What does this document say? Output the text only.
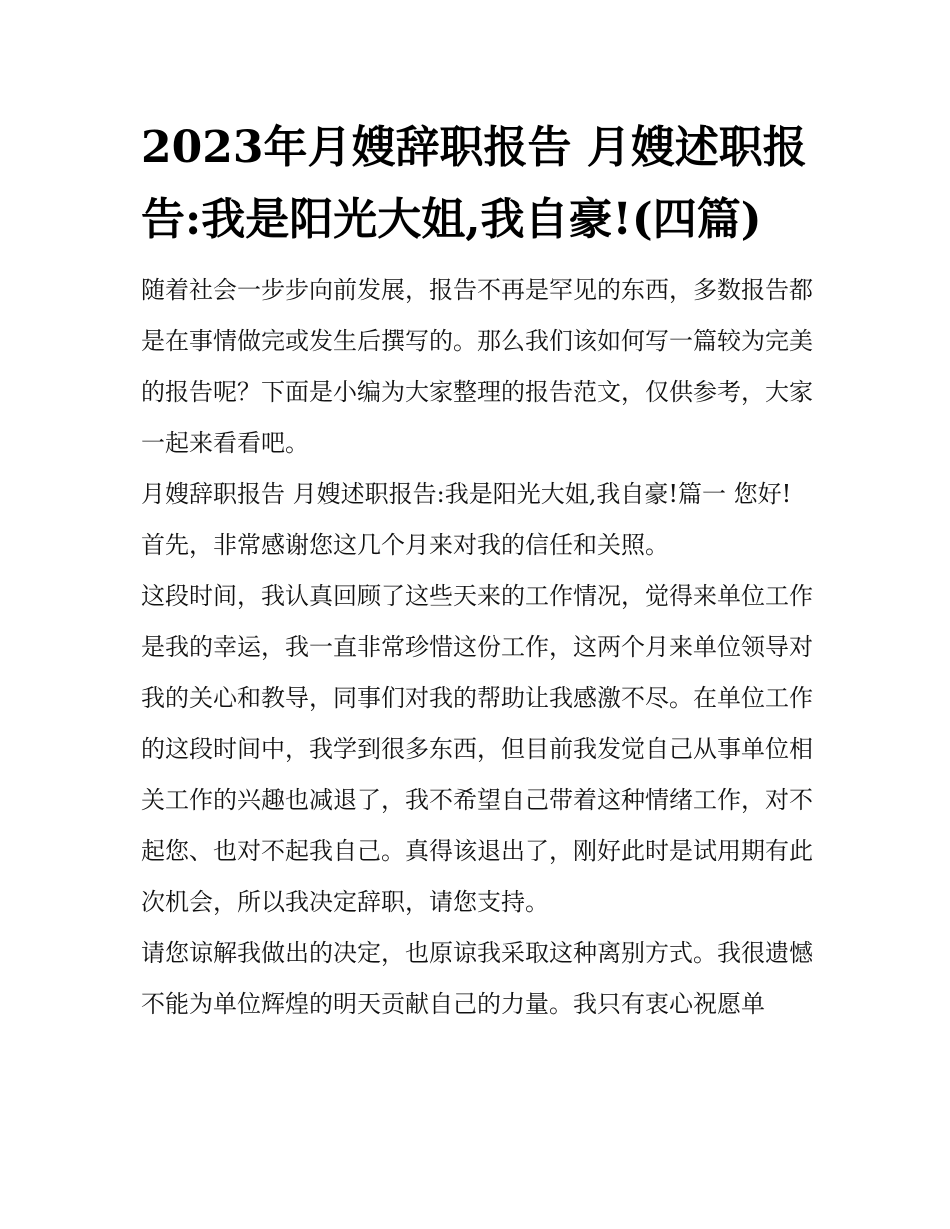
2023年月嫂辞职报告 月嫂述职报告:我是阳光大姐,我自豪!(四篇)

随着社会一步步向前发展，报告不再是罕见的东西，多数报告都是在事情做完或发生后撰写的。那么我们该如何写一篇较为完美的报告呢？下面是小编为大家整理的报告范文，仅供参考，大家一起来看看吧。

月嫂辞职报告 月嫂述职报告:我是阳光大姐,我自豪!篇一 您好!

首先，非常感谢您这几个月来对我的信任和关照。

这段时间，我认真回顾了这些天来的工作情况，觉得来单位工作是我的幸运，我一直非常珍惜这份工作，这两个月来单位领导对我的关心和教导，同事们对我的帮助让我感激不尽。在单位工作的这段时间中，我学到很多东西，但目前我发觉自己从事单位相关工作的兴趣也减退了，我不希望自己带着这种情绪工作，对不起您、也对不起我自己。真得该退出了，刚好此时是试用期有此次机会，所以我决定辞职，请您支持。

请您谅解我做出的决定，也原谅我采取这种离别方式。我很遗憾不能为单位辉煌的明天贡献自己的力量。我只有衷心祝愿单
